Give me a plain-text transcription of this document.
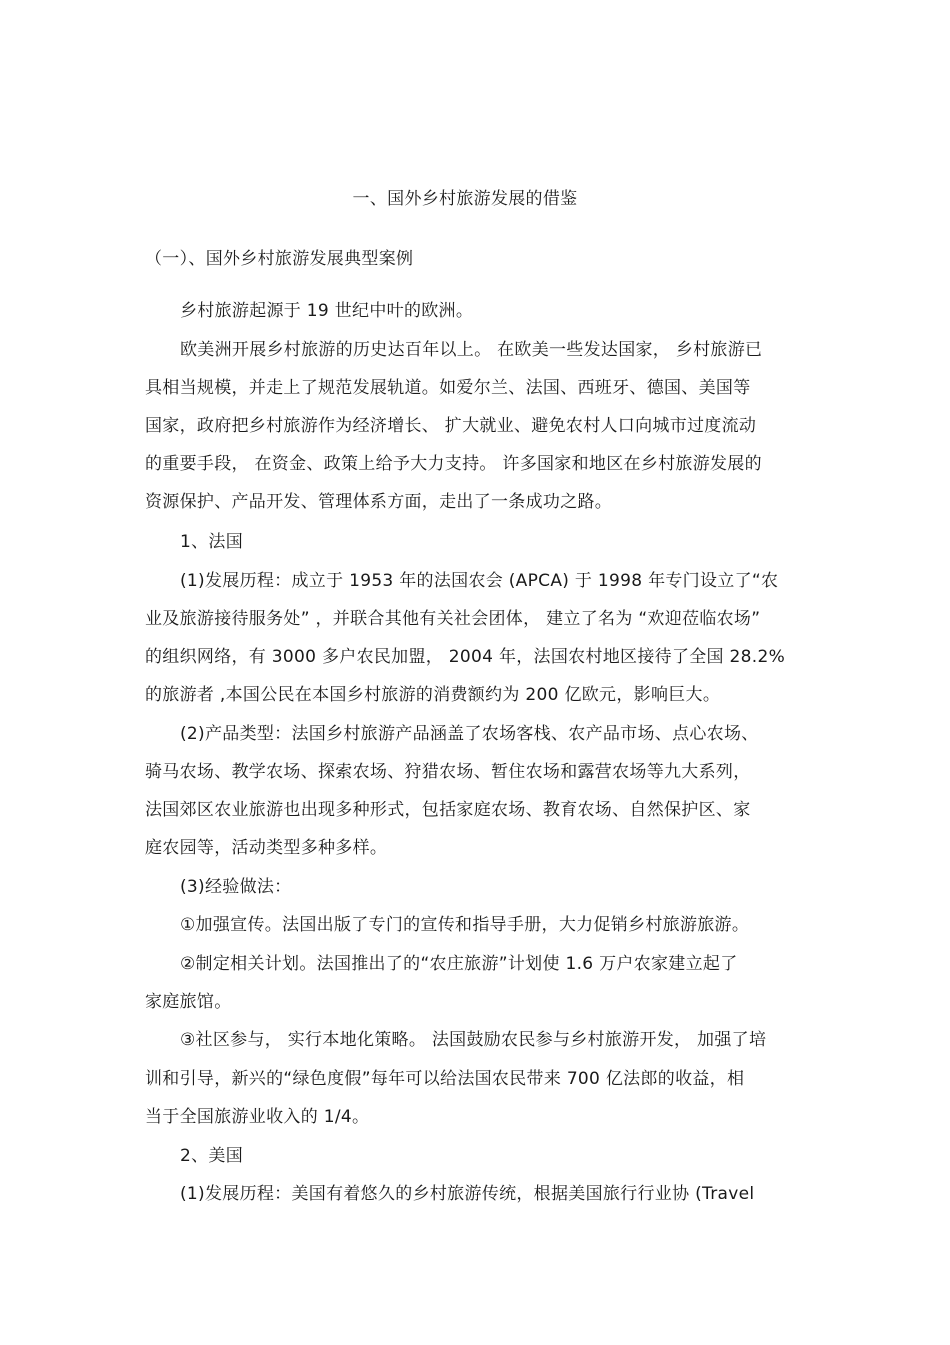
一、国外乡村旅游发展的借鉴
（一）、国外乡村旅游发展典型案例
乡村旅游起源于 19 世纪中叶的欧洲。
欧美洲开展乡村旅游的历史达百年以上。 在欧美一些发达国家， 乡村旅游已
具相当规模，并走上了规范发展轨道。如爱尔兰、法国、西班牙、德国、美国等
国家，政府把乡村旅游作为经济增长、 扩大就业、避免农村人口向城市过度流动
的重要手段， 在资金、政策上给予大力支持。 许多国家和地区在乡村旅游发展的
资源保护、产品开发、管理体系方面，走出了一条成功之路。
1、法国
(1)发展历程：成立于 1953 年的法国农会 (APCA) 于 1998 年专门设立了“农
业及旅游接待服务处” ，并联合其他有关社会团体， 建立了名为 “欢迎莅临农场”
的组织网络，有 3000 多户农民加盟， 2004 年，法国农村地区接待了全国 28.2%
的旅游者 ,本国公民在本国乡村旅游的消费额约为 200 亿欧元，影响巨大。
(2)产品类型：法国乡村旅游产品涵盖了农场客栈、农产品市场、点心农场、
骑马农场、教学农场、探索农场、狩猎农场、暂住农场和露营农场等九大系列，
法国郊区农业旅游也出现多种形式，包括家庭农场、教育农场、自然保护区、家
庭农园等，活动类型多种多样。
(3)经验做法：
①加强宣传。法国出版了专门的宣传和指导手册，大力促销乡村旅游旅游。
②制定相关计划。法国推出了的“农庄旅游”计划使 1.6 万户农家建立起了
家庭旅馆。
③社区参与， 实行本地化策略。 法国鼓励农民参与乡村旅游开发， 加强了培
训和引导，新兴的“绿色度假”每年可以给法国农民带来 700 亿法郎的收益，相
当于全国旅游业收入的 1/4。
2、美国
(1)发展历程：美国有着悠久的乡村旅游传统，根据美国旅行行业协 (Travel
